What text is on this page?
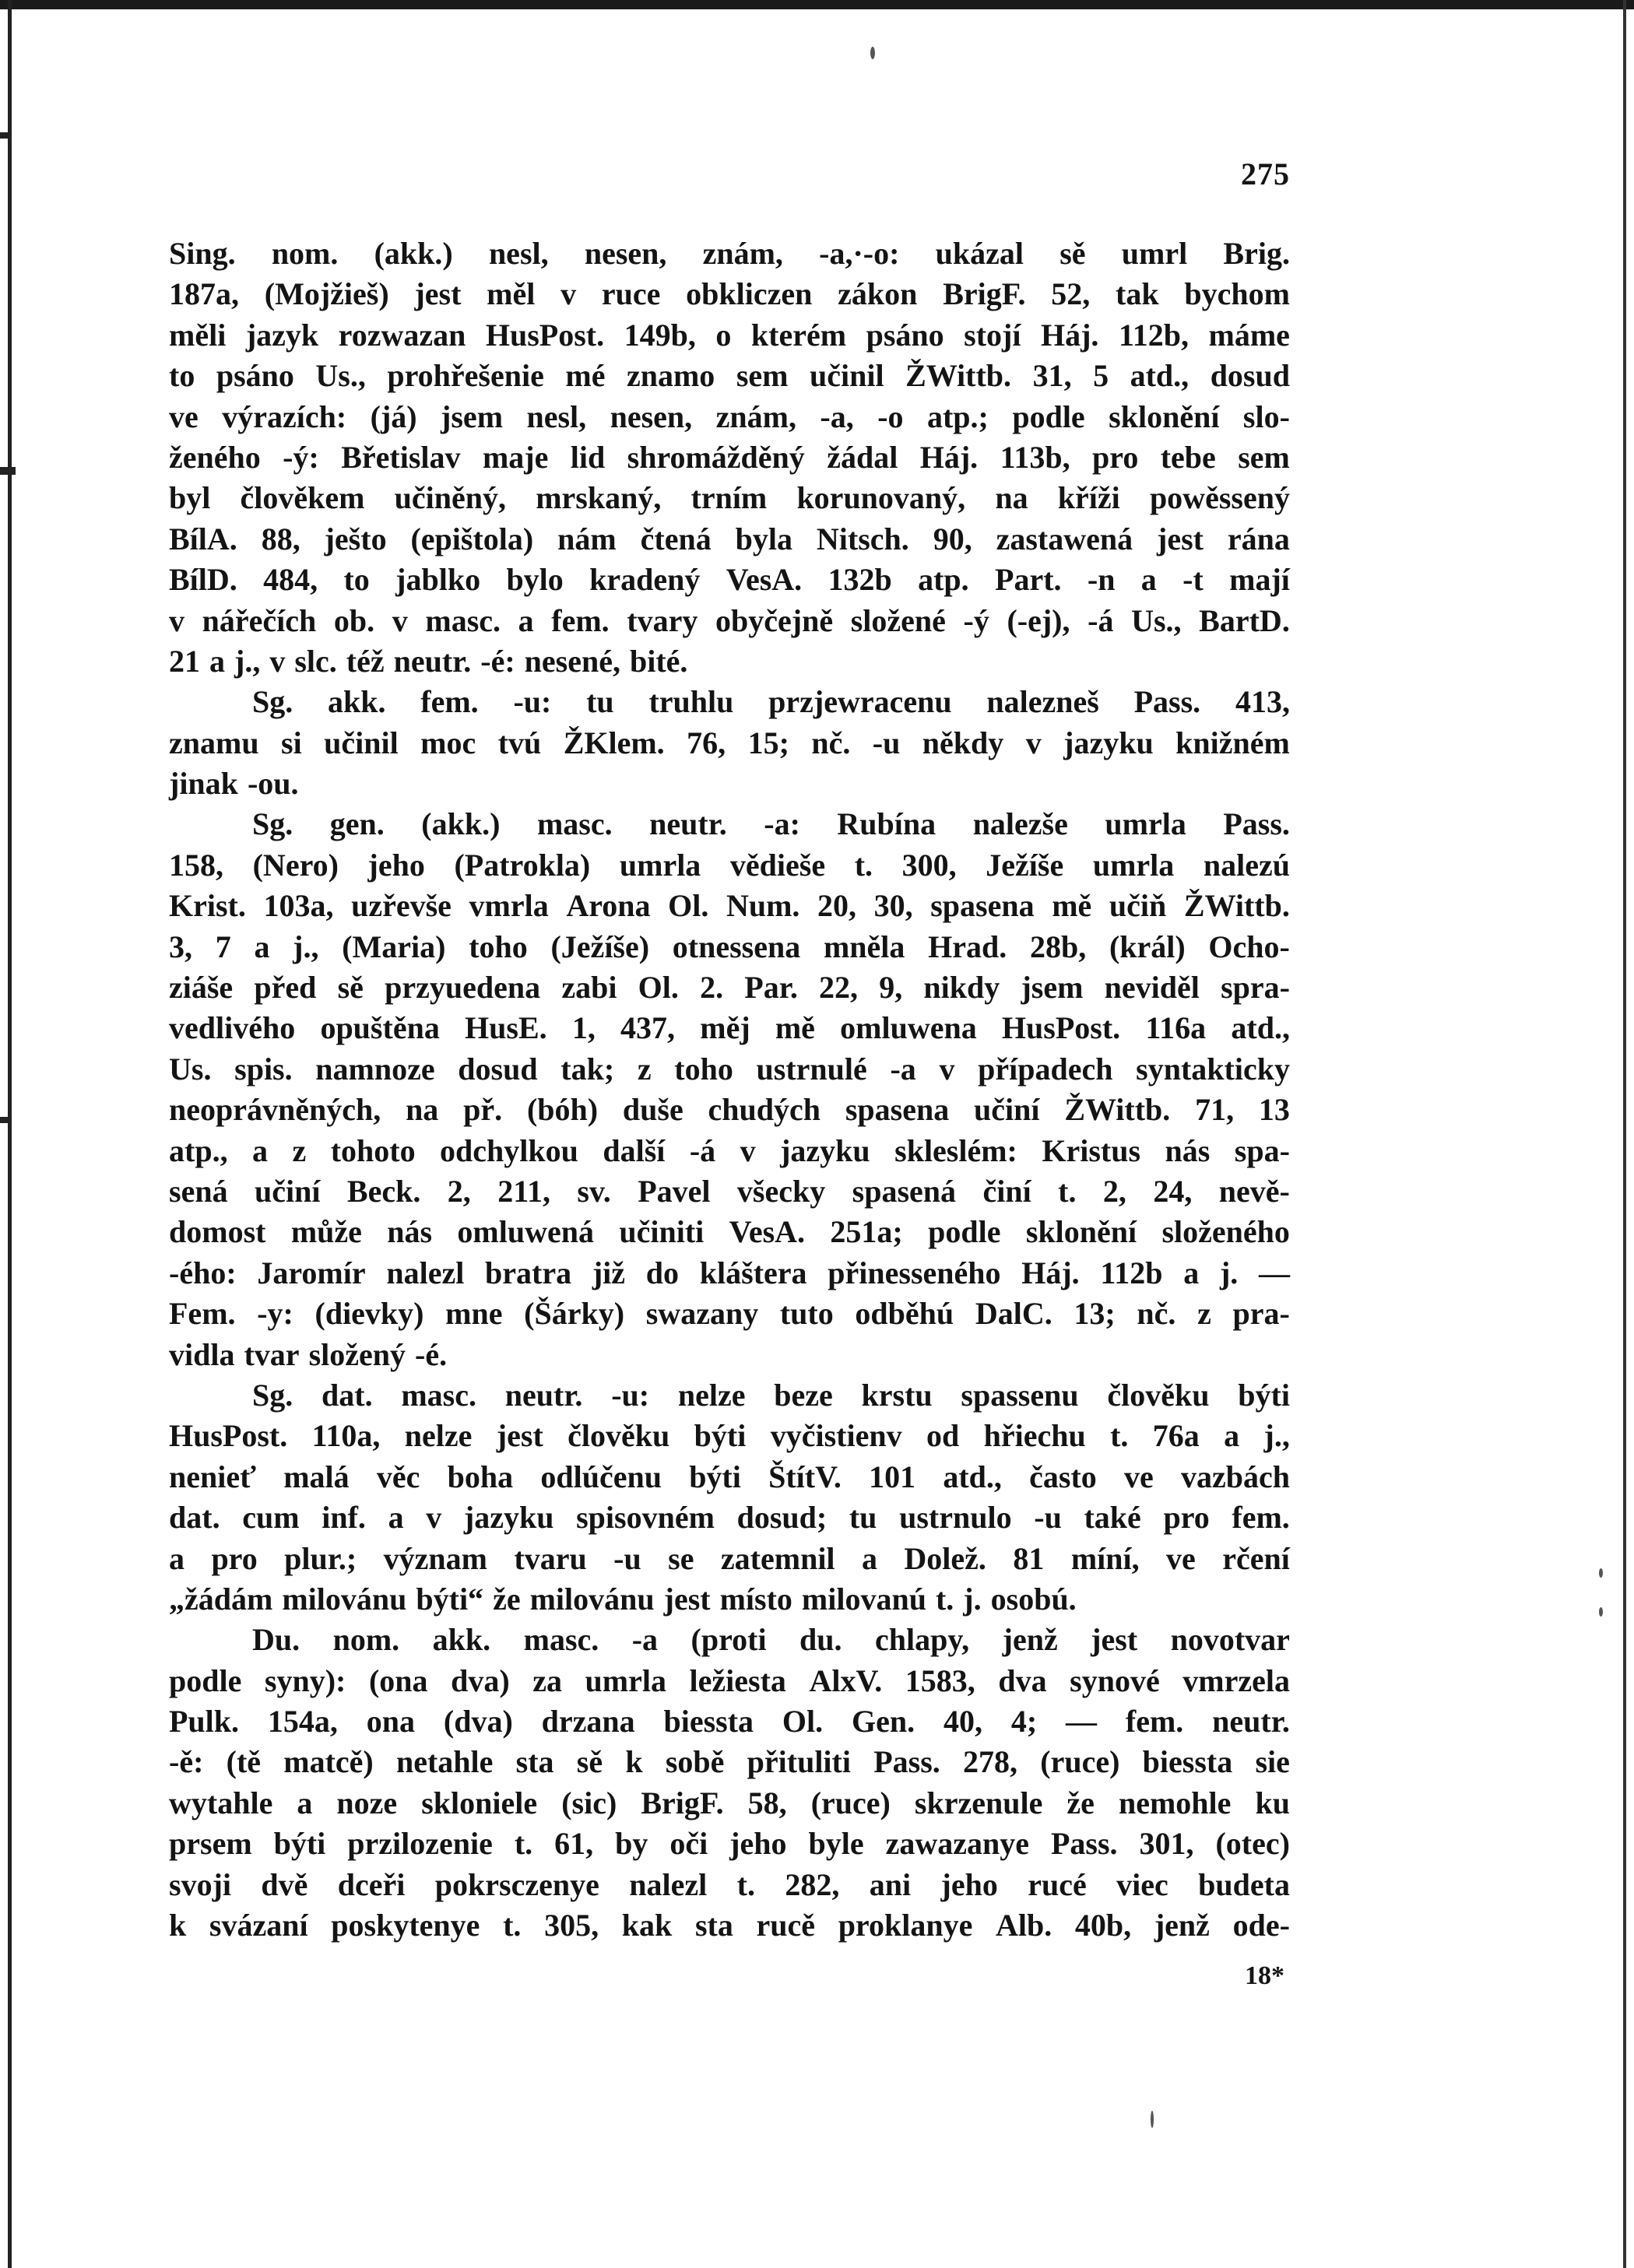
275
Sing. nom. (akk.) nesl, nesen, znám, -a,·-o: ukázal sě umrl Brig.
187a, (Mojžieš) jest měl v ruce obkliczen zákon BrigF. 52, tak bychom
měli jazyk rozwazan HusPost. 149b, o kterém psáno stojí Háj. 112b, máme
to psáno Us., prohřešenie mé znamo sem učinil ŽWittb. 31, 5 atd., dosud
ve výrazích: (já) jsem nesl, nesen, znám, -a, -o atp.; podle sklonění slo-
ženého -ý: Břetislav maje lid shromážděný žádal Háj. 113b, pro tebe sem
byl člověkem učiněný, mrskaný, trním korunovaný, na kříži powěssený
BílA. 88, ješto (epištola) nám čtená byla Nitsch. 90, zastawená jest rána
BílD. 484, to jablko bylo kradený VesA. 132b atp. Part. -n a -t mají
v nářečích ob. v masc. a fem. tvary obyčejně složené -ý (-ej), -á Us., BartD.
21 a j., v slc. též neutr. -é: nesené, bité.
Sg. akk. fem. -u: tu truhlu przjewracenu nalezneš Pass. 413,
znamu si učinil moc tvú ŽKlem. 76, 15; nč. -u někdy v jazyku knižném
jinak -ou.
Sg. gen. (akk.) masc. neutr. -a: Rubína nalezše umrla Pass.
158, (Nero) jeho (Patrokla) umrla vědieše t. 300, Ježíše umrla nalezú
Krist. 103a, uzřevše vmrla Arona Ol. Num. 20, 30, spasena mě učiň ŽWittb.
3, 7 a j., (Maria) toho (Ježíše) otnessena mněla Hrad. 28b, (král) Ocho-
ziáše před sě przyuedena zabi Ol. 2. Par. 22, 9, nikdy jsem neviděl spra-
vedlivého opuštěna HusE. 1, 437, měj mě omluwena HusPost. 116a atd.,
Us. spis. namnoze dosud tak; z toho ustrnulé -a v případech syntakticky
neoprávněných, na př. (bóh) duše chudých spasena učiní ŽWittb. 71, 13
atp., a z tohoto odchylkou další -á v jazyku skleslém: Kristus nás spa-
sená učiní Beck. 2, 211, sv. Pavel všecky spasená činí t. 2, 24, nevě-
domost může nás omluwená učiniti VesA. 251a; podle sklonění složeného
-ého: Jaromír nalezl bratra již do kláštera přinesseného Háj. 112b a j. —
Fem. -y: (dievky) mne (Šárky) swazany tuto odběhú DalC. 13; nč. z pra-
vidla tvar složený -é.
Sg. dat. masc. neutr. -u: nelze beze krstu spassenu člověku býti
HusPost. 110a, nelze jest člověku býti vyčistienv od hřiechu t. 76a a j.,
nenieť malá věc boha odlúčenu býti ŠtítV. 101 atd., často ve vazbách
dat. cum inf. a v jazyku spisovném dosud; tu ustrnulo -u také pro fem.
a pro plur.; význam tvaru -u se zatemnil a Dolež. 81 míní, ve rčení
„žádám milovánu býti“ že milovánu jest místo milovanú t. j. osobú.
Du. nom. akk. masc. -a (proti du. chlapy, jenž jest novotvar
podle syny): (ona dva) za umrla ležiesta AlxV. 1583, dva synové vmrzela
Pulk. 154a, ona (dva) drzana biessta Ol. Gen. 40, 4; — fem. neutr.
-ě: (tě matcě) netahle sta sě k sobě přituliti Pass. 278, (ruce) biessta sie
wytahle a noze skloniele (sic) BrigF. 58, (ruce) skrzenule že nemohle ku
prsem býti przilozenie t. 61, by oči jeho byle zawazanye Pass. 301, (otec)
svoji dvě dceři pokrsczenye nalezl t. 282, ani jeho rucé viec budeta
k svázaní poskytenye t. 305, kak sta rucě proklanye Alb. 40b, jenž ode-
18*
